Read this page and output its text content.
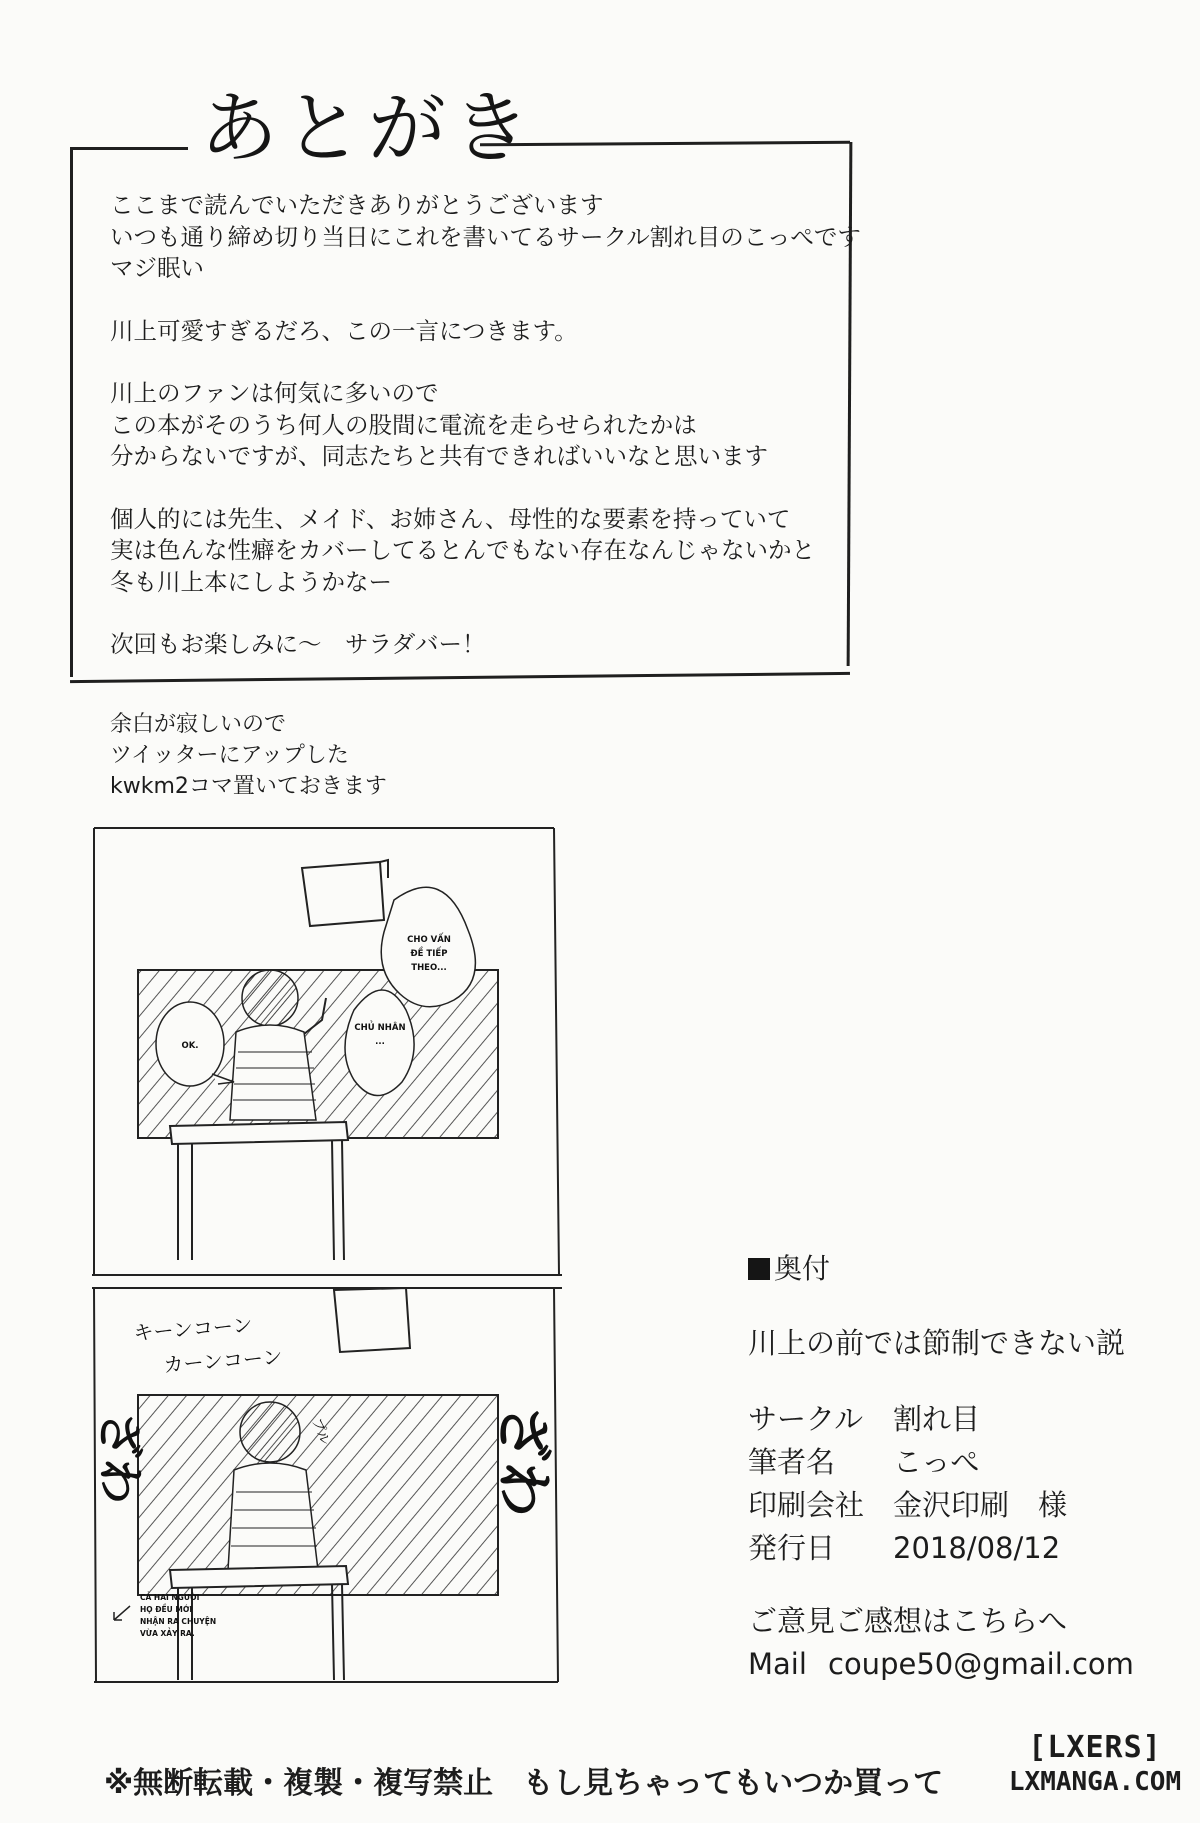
あとがき
ここまで読んでいただきありがとうございます
いつも通り締め切り当日にこれを書いてるサークル割れ目のこっぺです
マジ眠い
川上可愛すぎるだろ、この一言につきます。
川上のファンは何気に多いので
この本がそのうち何人の股間に電流を走らせられたかは
分からないですが、同志たちと共有できればいいなと思います
個人的には先生、メイド、お姉さん、母性的な要素を持っていて
実は色んな性癖をカバーしてるとんでもない存在なんじゃないかと
冬も川上本にしようかなー
次回もお楽しみに～　サラダバー！
余白が寂しいので
ツイッターにアップした
kwkm2コマ置いておきます
OK.
CHO VẤN
ĐỀ TIẾP
THEO...
CHỦ NHÂN
...
キーンコーン
カーンコーン
プル
ざわ	ざわ
CẢ HAI NGƯỜI
HỌ ĐỀU MỚI
NHẬN RA CHUYỆN
VỪA XẢY RA.
奥付
川上の前では節制できない説
サークル	割れ目
筆者名	こっぺ
印刷会社 金沢印刷　様
発行日	2018/08/12
ご意見ご感想はこちらへ
Mail coupe50@gmail.com
※無断転載・複製・複写禁止 もし見ちゃってもいつか買って
[LXERS]
LXMANGA.COM
